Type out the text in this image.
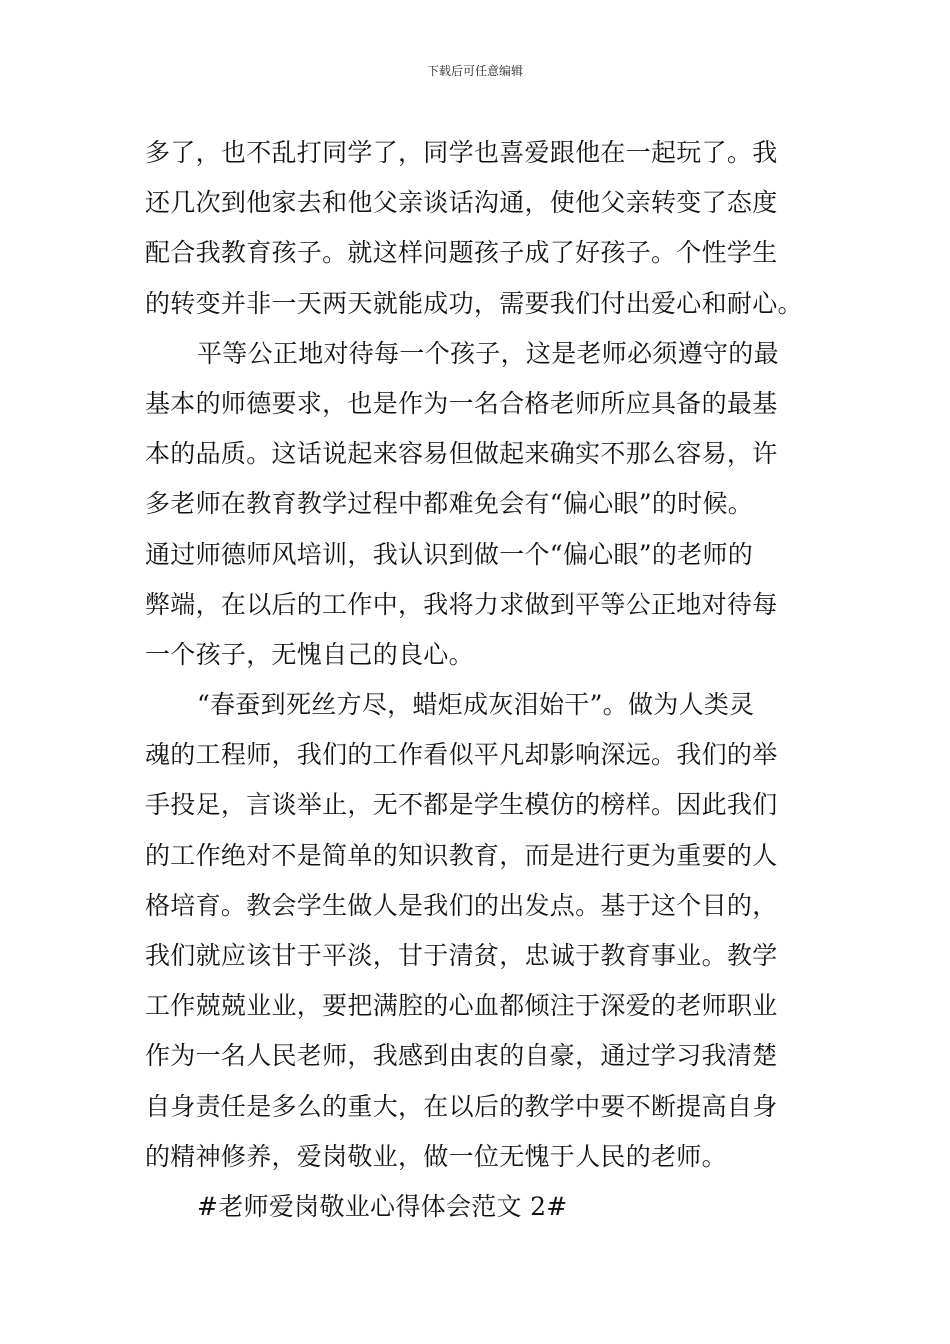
下载后可任意编辑
多了，也不乱打同学了，同学也喜爱跟他在一起玩了。我
还几次到他家去和他父亲谈话沟通，使他父亲转变了态度
配合我教育孩子。就这样问题孩子成了好孩子。个性学生
的转变并非一天两天就能成功，需要我们付出爱心和耐心。
平等公正地对待每一个孩子，这是老师必须遵守的最
基本的师德要求，也是作为一名合格老师所应具备的最基
本的品质。这话说起来容易但做起来确实不那么容易，许
多老师在教育教学过程中都难免会有“偏心眼”的时候。
通过师德师风培训，我认识到做一个“偏心眼”的老师的
弊端，在以后的工作中，我将力求做到平等公正地对待每
一个孩子，无愧自己的良心。
“春蚕到死丝方尽，蜡炬成灰泪始干”。做为人类灵
魂的工程师，我们的工作看似平凡却影响深远。我们的举
手投足，言谈举止，无不都是学生模仿的榜样。因此我们
的工作绝对不是简单的知识教育，而是进行更为重要的人
格培育。教会学生做人是我们的出发点。基于这个目的，
我们就应该甘于平淡，甘于清贫，忠诚于教育事业。教学
工作兢兢业业，要把满腔的心血都倾注于深爱的老师职业
作为一名人民老师，我感到由衷的自豪，通过学习我清楚
自身责任是多么的重大，在以后的教学中要不断提高自身
的精神修养，爱岗敬业，做一位无愧于人民的老师。
#老师爱岗敬业心得体会范文 2#
